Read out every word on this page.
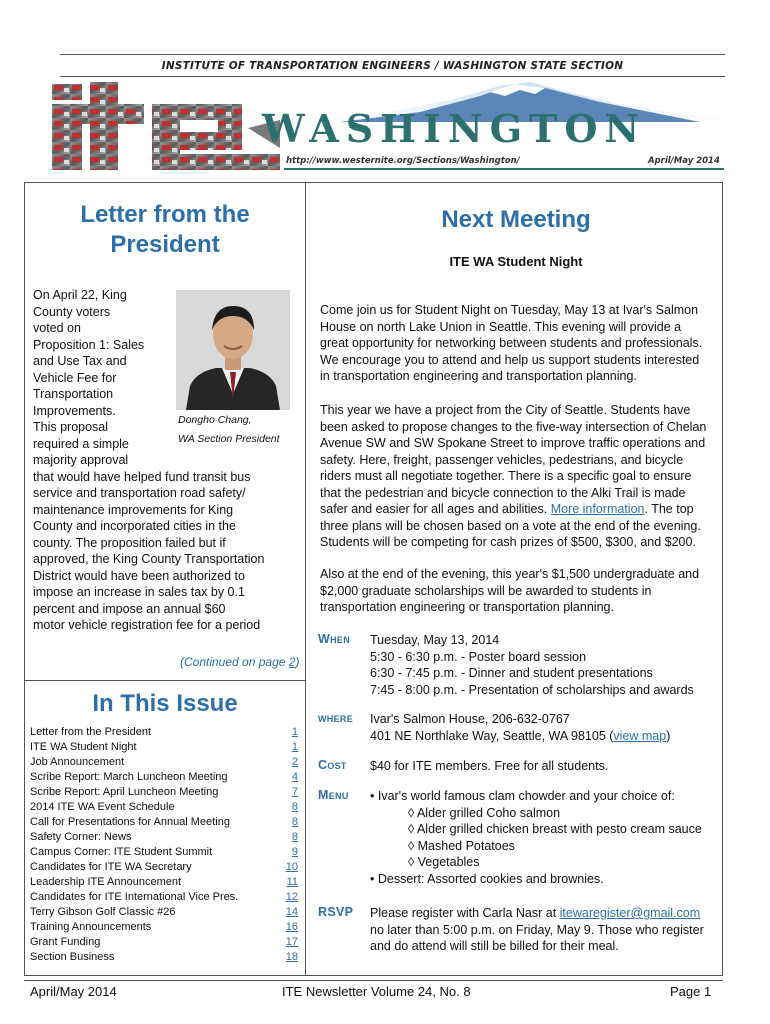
INSTITUTE OF TRANSPORTATION ENGINEERS / WASHINGTON STATE SECTION
WASHINGTON
http://www.westernite.org/Sections/Washington/	April/May 2014
Letter from the
President
Dongho Chang,
WA Section President
On April 22, King
County voters
voted on
Proposition 1: Sales
and Use Tax and
Vehicle Fee for
Transportation
Improvements.
This proposal
required a simple
majority approval
that would have helped fund transit bus
service and transportation road safety/
maintenance improvements for King
County and incorporated cities in the
county. The proposition failed but if
approved, the King County Transportation
District would have been authorized to
impose an increase in sales tax by 0.1
percent and impose an annual $60
motor vehicle registration fee for a period
(Continued on page 2)
In This Issue
Letter from the President	1
ITE WA Student Night	1
Job Announcement	2
Scribe Report: March Luncheon Meeting	4
Scribe Report: April Luncheon Meeting	7
2014 ITE WA Event Schedule	8
Call for Presentations for Annual Meeting	8
Safety Corner: News	8
Campus Corner: ITE Student Summit	9
Candidates for ITE WA Secretary	10
Leadership ITE Announcement	11
Candidates for ITE International Vice Pres.	12
Terry Gibson Golf Classic #26	14
Training Announcements	16
Grant Funding	17
Section Business	18
Next Meeting
ITE WA Student Night
Come join us for Student Night on Tuesday, May 13 at Ivar's Salmon
House on north Lake Union in Seattle. This evening will provide a
great opportunity for networking between students and professionals.
We encourage you to attend and help us support students interested
in transportation engineering and transportation planning.
This year we have a project from the City of Seattle. Students have
been asked to propose changes to the five-way intersection of Chelan
Avenue SW and SW Spokane Street to improve traffic operations and
safety. Here, freight, passenger vehicles, pedestrians, and bicycle
riders must all negotiate together. There is a specific goal to ensure
that the pedestrian and bicycle connection to the Alki Trail is made
safer and easier for all ages and abilities. More information. The top
three plans will be chosen based on a vote at the end of the evening.
Students will be competing for cash prizes of $500, $300, and $200.
Also at the end of the evening, this year's $1,500 undergraduate and
$2,000 graduate scholarships will be awarded to students in
transportation engineering or transportation planning.
When Tuesday, May 13, 2014
5:30 - 6:30 p.m. - Poster board session
6:30 - 7:45 p.m. - Dinner and student presentations
7:45 - 8:00 p.m. - Presentation of scholarships and awards
where Ivar's Salmon House, 206-632-0767
401 NE Northlake Way, Seattle, WA 98105 (view map)
Cost $40 for ITE members. Free for all students.
Menu • Ivar's world famous clam chowder and your choice of:
◊ Alder grilled Coho salmon
◊ Alder grilled chicken breast with pesto cream sauce
◊ Mashed Potatoes
◊ Vegetables
• Dessert: Assorted cookies and brownies.
RSVP Please register with Carla Nasr at itewaregister@gmail.com
no later than 5:00 p.m. on Friday, May 9. Those who register
and do attend will still be billed for their meal.
April/May 2014	ITE Newsletter Volume 24, No. 8	Page 1
